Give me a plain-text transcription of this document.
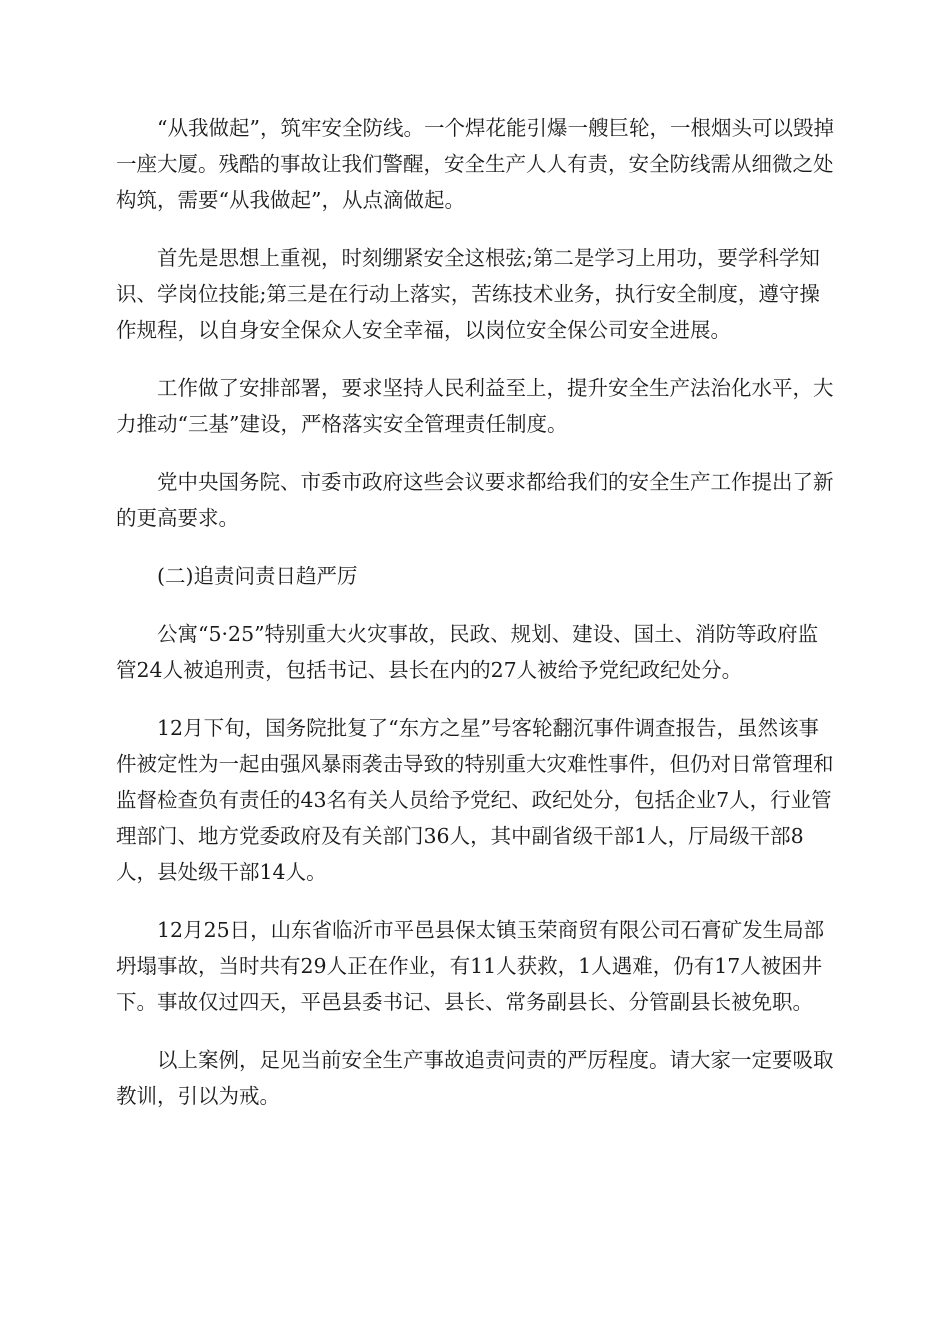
“从我做起”，筑牢安全防线。一个焊花能引爆一艘巨轮，一根烟头可以毁掉一座大厦。残酷的事故让我们警醒，安全生产人人有责，安全防线需从细微之处构筑，需要“从我做起”，从点滴做起。

首先是思想上重视，时刻绷紧安全这根弦;第二是学习上用功，要学科学知识、学岗位技能;第三是在行动上落实，苦练技术业务，执行安全制度，遵守操作规程，以自身安全保众人安全幸福，以岗位安全保公司安全进展。

工作做了安排部署，要求坚持人民利益至上，提升安全生产法治化水平，大力推动“三基”建设，严格落实安全管理责任制度。

党中央国务院、市委市政府这些会议要求都给我们的安全生产工作提出了新的更高要求。

(二)追责问责日趋严厉

公寓“5·25”特别重大火灾事故，民政、规划、建设、国土、消防等政府监管24人被追刑责，包括书记、县长在内的27人被给予党纪政纪处分。

12月下旬，国务院批复了“东方之星”号客轮翻沉事件调查报告，虽然该事件被定性为一起由强风暴雨袭击导致的特别重大灾难性事件，但仍对日常管理和监督检查负有责任的43名有关人员给予党纪、政纪处分，包括企业7人，行业管理部门、地方党委政府及有关部门36人，其中副省级干部1人，厅局级干部8人，县处级干部14人。

12月25日，山东省临沂市平邑县保太镇玉荣商贸有限公司石膏矿发生局部坍塌事故，当时共有29人正在作业，有11人获救，1人遇难，仍有17人被困井下。事故仅过四天，平邑县委书记、县长、常务副县长、分管副县长被免职。

以上案例，足见当前安全生产事故追责问责的严厉程度。请大家一定要吸取教训，引以为戒。
